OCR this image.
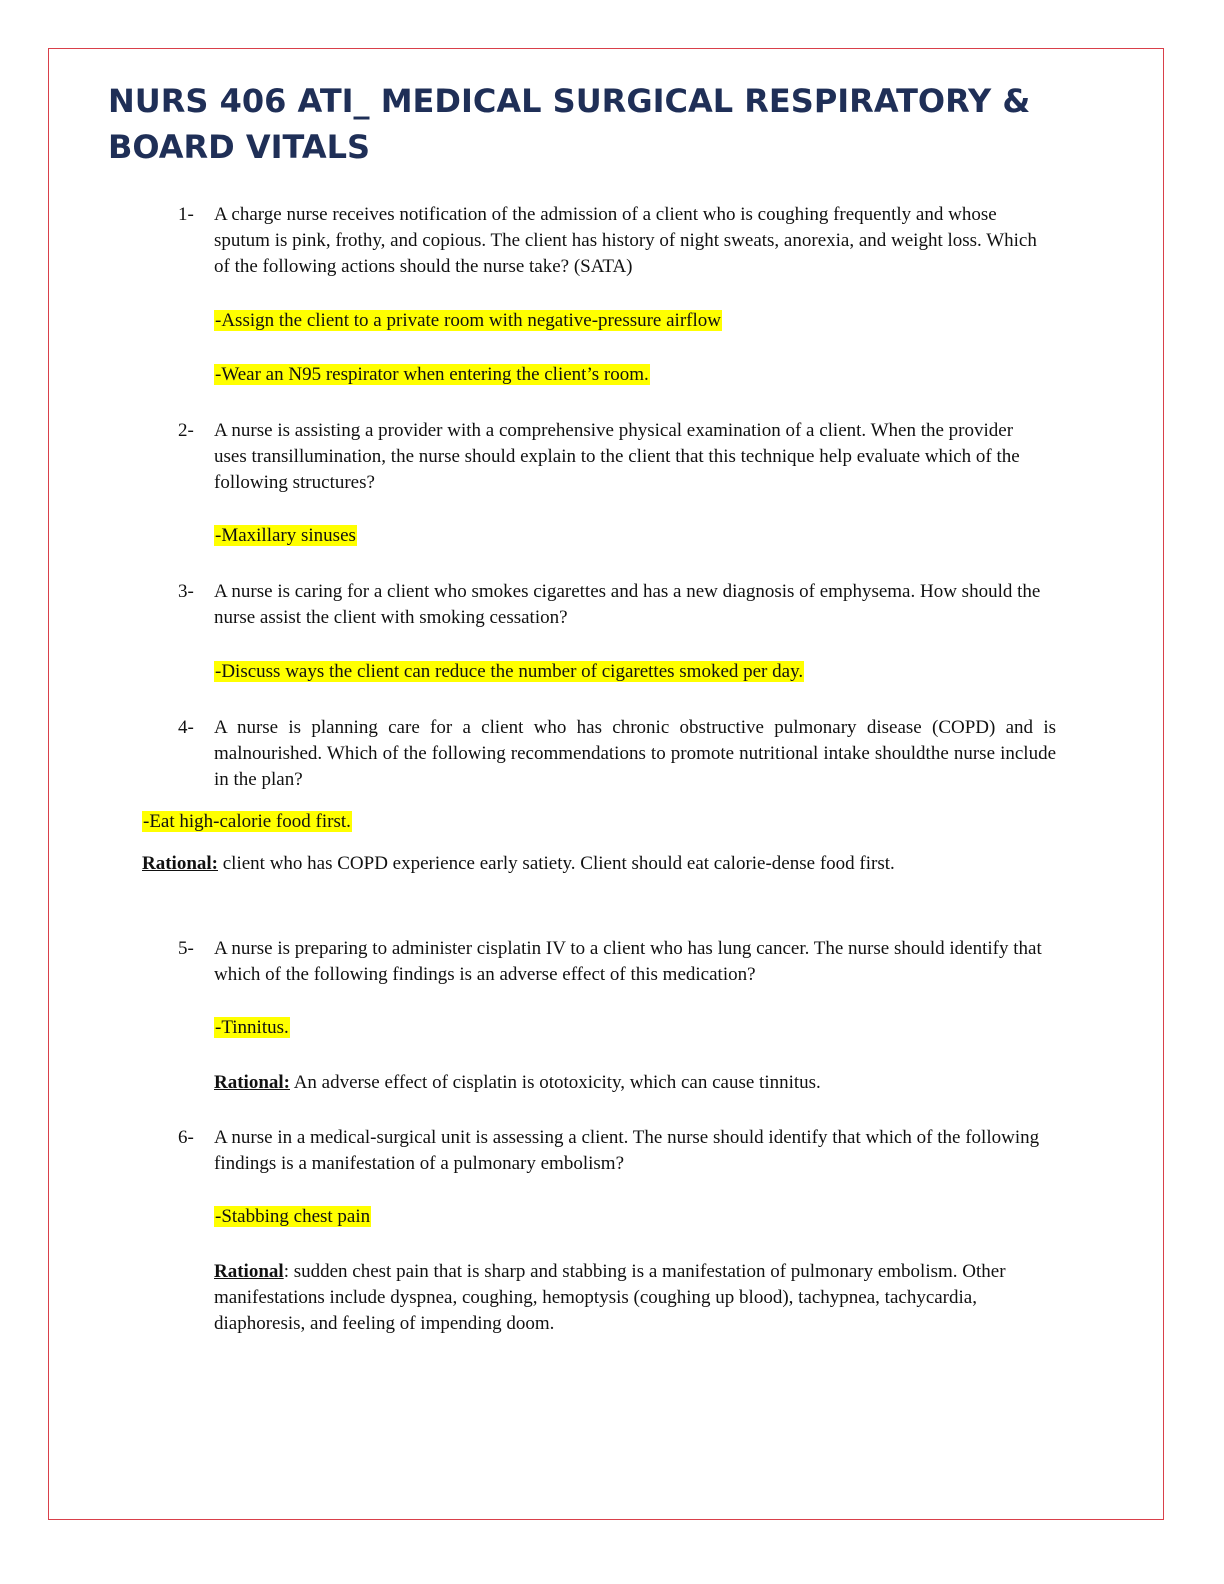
NURS 406 ATI_ MEDICAL SURGICAL RESPIRATORY & BOARD VITALS
1-	A charge nurse receives notification of the admission of a client who is coughing frequently and whose sputum is pink, frothy, and copious. The client has history of night sweats, anorexia, and weight loss. Which of the following actions should the nurse take? (SATA)
-Assign the client to a private room with negative-pressure airflow
-Wear an N95 respirator when entering the client’s room.
2-	A nurse is assisting a provider with a comprehensive physical examination of a client. When the provider uses transillumination, the nurse should explain to the client that this technique help evaluate which of the following structures?
-Maxillary sinuses
3-	A nurse is caring for a client who smokes cigarettes and has a new diagnosis of emphysema. How should the nurse assist the client with smoking cessation?
-Discuss ways the client can reduce the number of cigarettes smoked per day.
4-	A nurse is planning care for a client who has chronic obstructive pulmonary disease (COPD) and is malnourished. Which of the following recommendations to promote nutritional intake shouldthe nurse include in the plan?
-Eat high-calorie food first.
Rational: client who has COPD experience early satiety. Client should eat calorie-dense food first.
5-	A nurse is preparing to administer cisplatin IV to a client who has lung cancer. The nurse should identify that which of the following findings is an adverse effect of this medication?
-Tinnitus.
Rational: An adverse effect of cisplatin is ototoxicity, which can cause tinnitus.
6-	A nurse in a medical-surgical unit is assessing a client. The nurse should identify that which of the following findings is a manifestation of a pulmonary embolism?
-Stabbing chest pain
Rational: sudden chest pain that is sharp and stabbing is a manifestation of pulmonary embolism. Other manifestations include dyspnea, coughing, hemoptysis (coughing up blood), tachypnea, tachycardia, diaphoresis, and feeling of impending doom.
